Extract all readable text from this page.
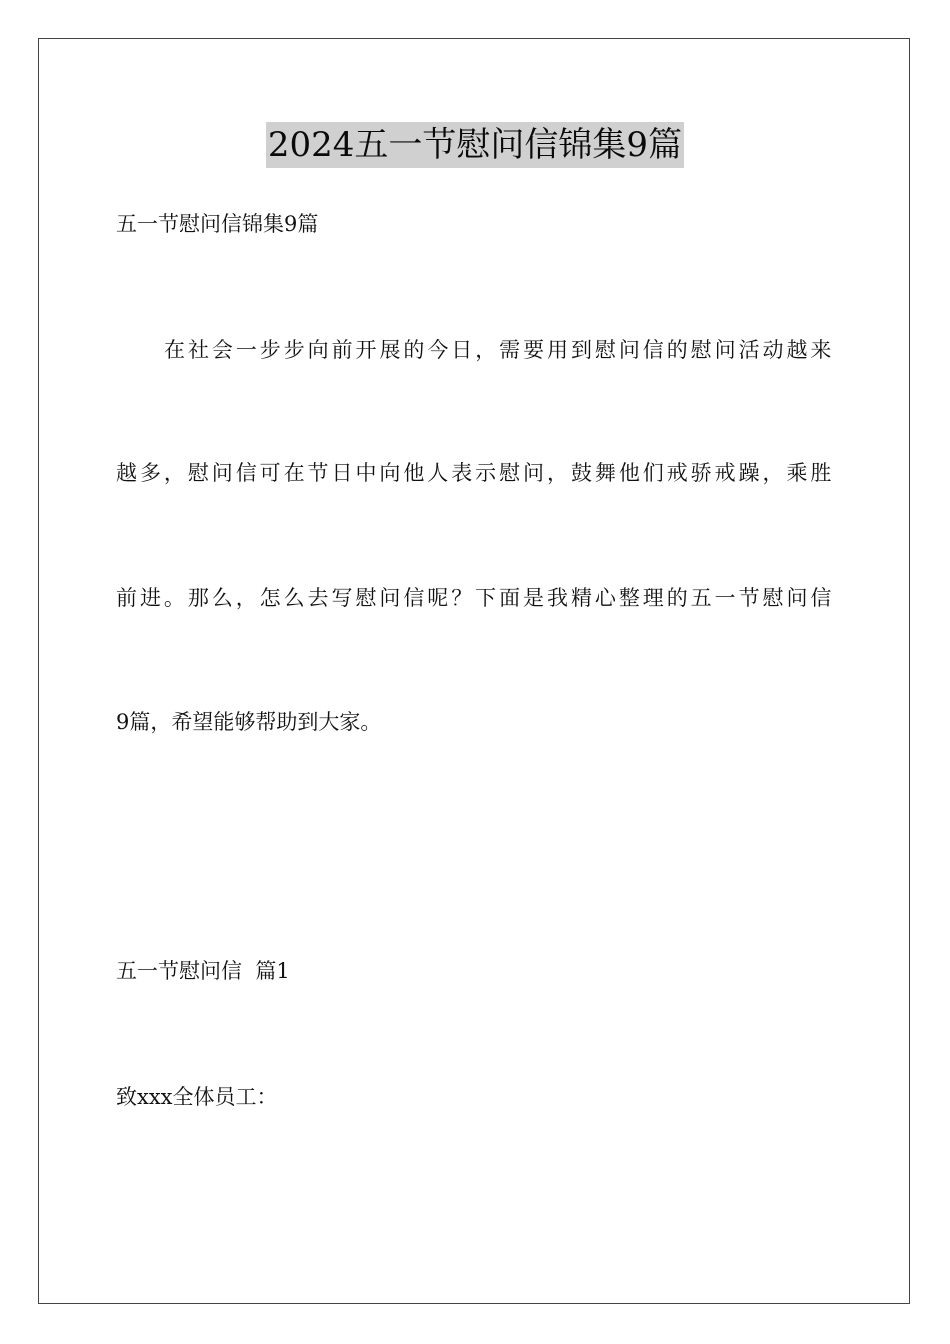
2024五一节慰问信锦集9篇
五一节慰问信锦集9篇
在社会一步步向前开展的今日，需要用到慰问信的慰问活动越来
越多，慰问信可在节日中向他人表示慰问，鼓舞他们戒骄戒躁，乘胜
前进。那么，怎么去写慰问信呢？下面是我精心整理的五一节慰问信
9篇，希望能够帮助到大家。
五一节慰问信  篇1
致xxx全体员工：
